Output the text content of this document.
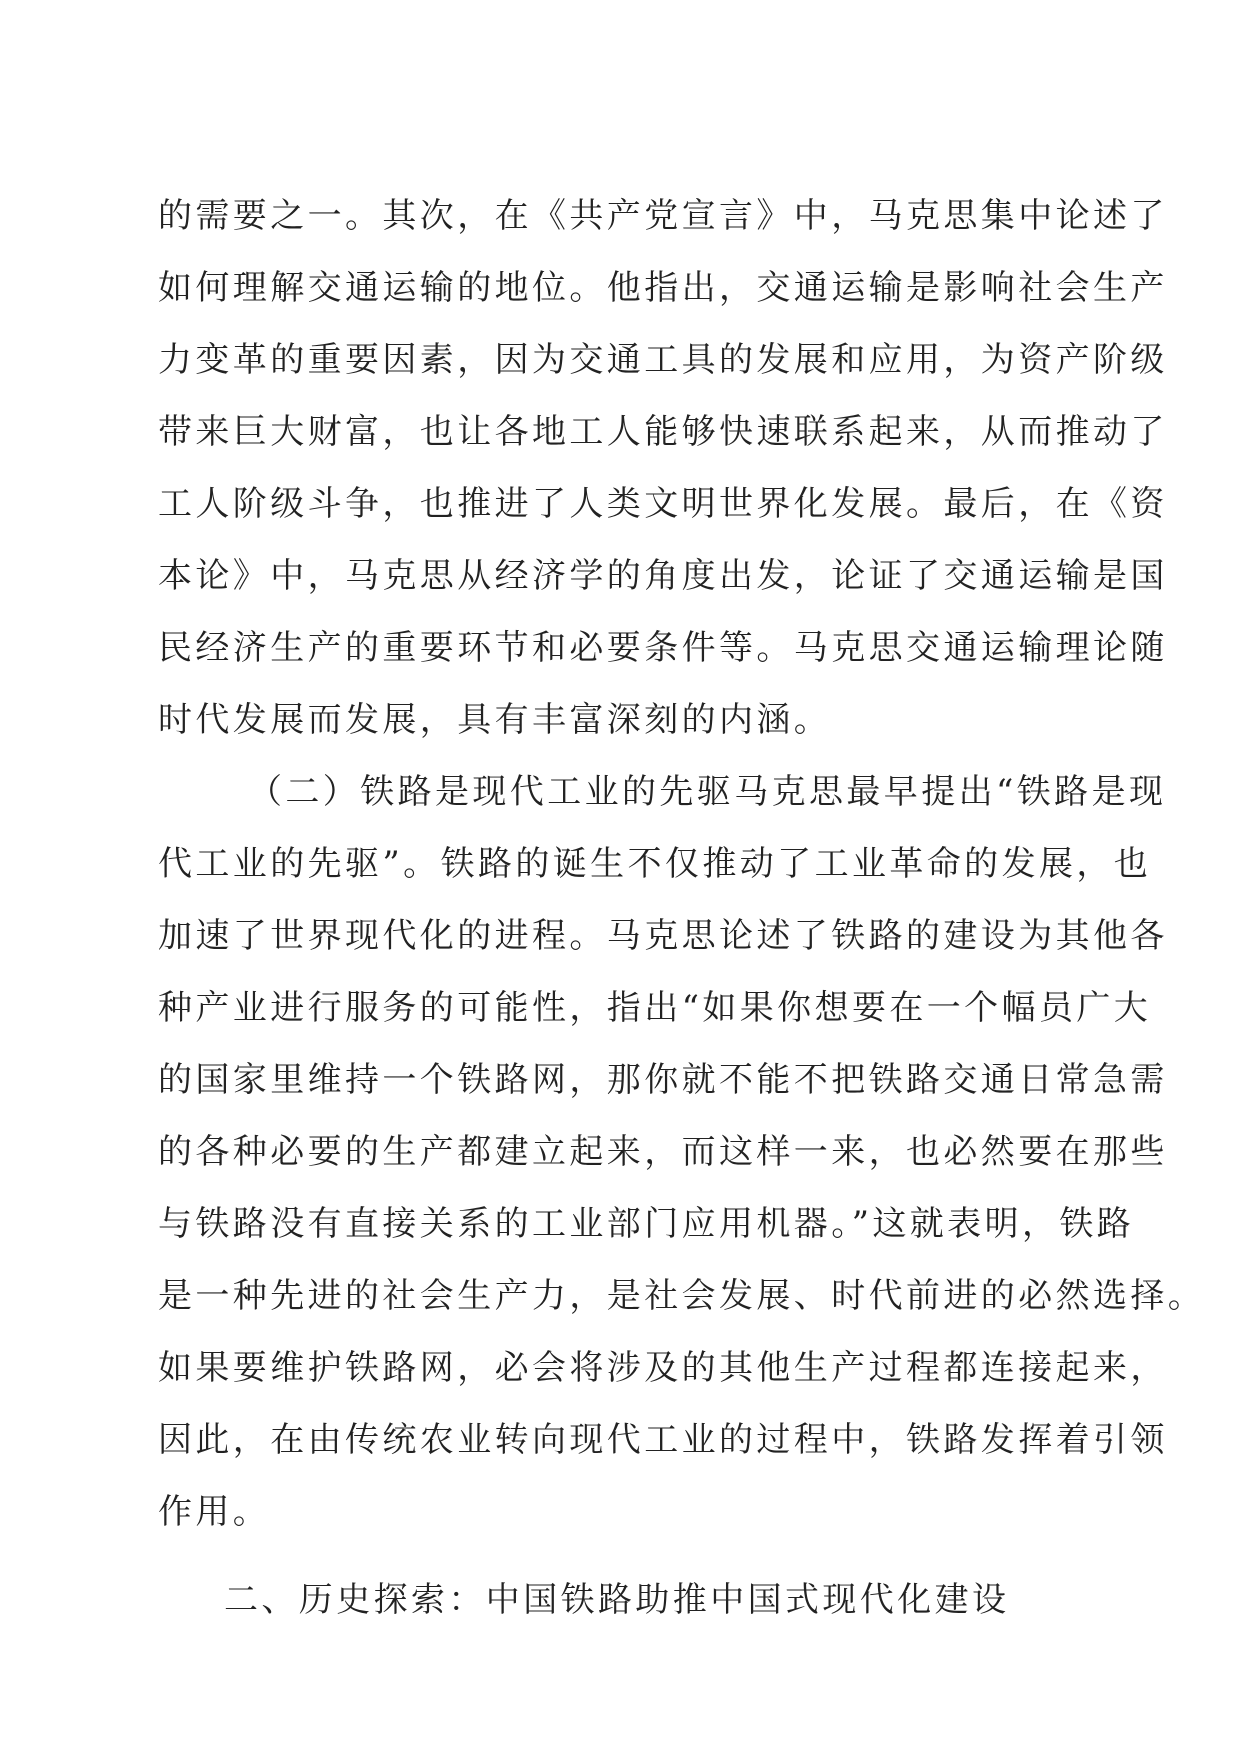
的需要之一。其次，在《共产党宣言》中，马克思集中论述了
如何理解交通运输的地位。他指出，交通运输是影响社会生产
力变革的重要因素，因为交通工具的发展和应用，为资产阶级
带来巨大财富，也让各地工人能够快速联系起来，从而推动了
工人阶级斗争，也推进了人类文明世界化发展。最后，在《资
本论》中，马克思从经济学的角度出发，论证了交通运输是国
民经济生产的重要环节和必要条件等。马克思交通运输理论随
时代发展而发展，具有丰富深刻的内涵。
（二）铁路是现代工业的先驱马克思最早提出“铁路是现
代工业的先驱”。铁路的诞生不仅推动了工业革命的发展，也
加速了世界现代化的进程。马克思论述了铁路的建设为其他各
种产业进行服务的可能性，指出“如果你想要在一个幅员广大
的国家里维持一个铁路网，那你就不能不把铁路交通日常急需
的各种必要的生产都建立起来，而这样一来，也必然要在那些
与铁路没有直接关系的工业部门应用机器。”这就表明，铁路
是一种先进的社会生产力，是社会发展、时代前进的必然选择。
如果要维护铁路网，必会将涉及的其他生产过程都连接起来，
因此，在由传统农业转向现代工业的过程中，铁路发挥着引领
作用。
二、历史探索：中国铁路助推中国式现代化建设
